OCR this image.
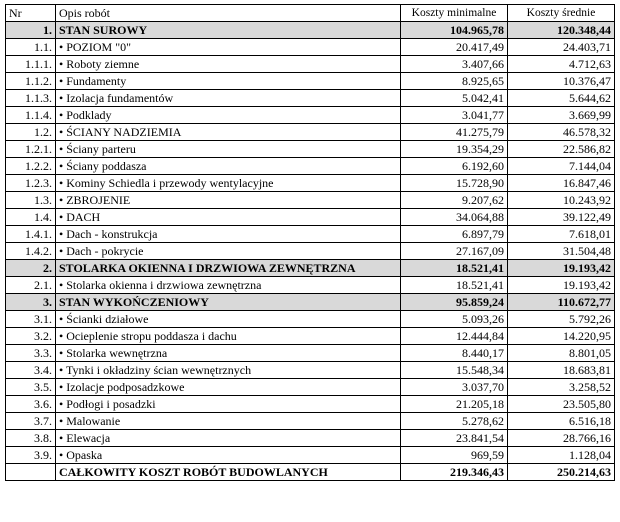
Nr	Opis robót	Koszty minimalne	Koszty średnie
1.	STAN SUROWY	104.965,78	120.348,44
1.1.	• POZIOM "0"	20.417,49	24.403,71
1.1.1.	• Roboty ziemne	3.407,66	4.712,63
1.1.2.	• Fundamenty	8.925,65	10.376,47
1.1.3.	• Izolacja fundamentów	5.042,41	5.644,62
1.1.4.	• Podklady	3.041,77	3.669,99
1.2.	• ŚCIANY NADZIEMIA	41.275,79	46.578,32
1.2.1.	• Ściany parteru	19.354,29	22.586,82
1.2.2.	• Ściany poddasza	6.192,60	7.144,04
1.2.3.	• Kominy Schiedla i przewody wentylacyjne	15.728,90	16.847,46
1.3.	• ZBROJENIE	9.207,62	10.243,92
1.4.	• DACH	34.064,88	39.122,49
1.4.1.	• Dach - konstrukcja	6.897,79	7.618,01
1.4.2.	• Dach - pokrycie	27.167,09	31.504,48
2.	STOLARKA OKIENNA I DRZWIOWA ZEWNĘTRZNA	18.521,41	19.193,42
2.1.	• Stolarka okienna i drzwiowa zewnętrzna	18.521,41	19.193,42
3.	STAN WYKOŃCZENIOWY	95.859,24	110.672,77
3.1.	• Ścianki działowe	5.093,26	5.792,26
3.2.	• Ocieplenie stropu poddasza i dachu	12.444,84	14.220,95
3.3.	• Stolarka wewnętrzna	8.440,17	8.801,05
3.4.	• Tynki i okładziny ścian wewnętrznych	15.548,34	18.683,81
3.5.	• Izolacje podposadzkowe	3.037,70	3.258,52
3.6.	• Podłogi i posadzki	21.205,18	23.505,80
3.7.	• Malowanie	5.278,62	6.516,18
3.8.	• Elewacja	23.841,54	28.766,16
3.9.	• Opaska	969,59	1.128,04
	CAŁKOWITY KOSZT ROBÓT BUDOWLANYCH	219.346,43	250.214,63
